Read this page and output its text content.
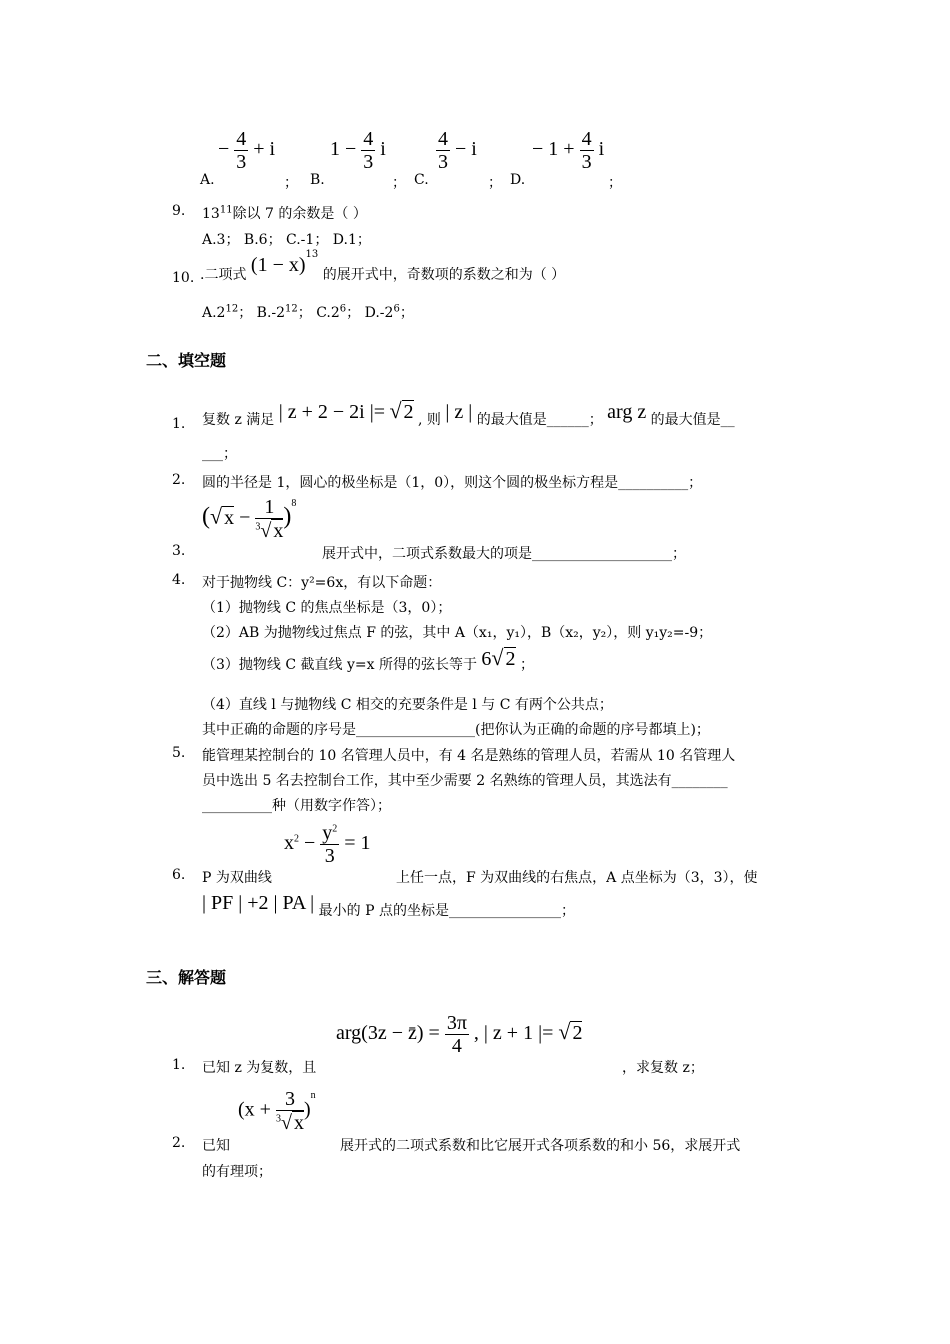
A.
− $\frac{4}{3} + i$
； B.
$1 - \frac{4}{3}$ i
； C.
$\frac{4}{3} - i$
； D.
− $1 + \frac{4}{3}$ i
；
9. $13^{11}$除以 7 的余数是（ ）
A.3； B.6； C.-1； D.1；
10. .二项式 $(1 - x)^{13}$ 的展开式中，奇数项的系数之和为（ ）
$A.2^{12}$； $B.-2^{12}$； $C.2^6$； $D.-2^6$；
二、填空题
1. 复数 z 满足 | z + 2 − 2i |= √ 2 , 则 | z | 的最大值是______； arg z 的最大值是__
___；
2. 圆的半径是 1，圆心的极坐标是（1，0），则这个圆的极坐标方程是__________；
(√ $x - \frac{1}{^3√ x} )^8$
3.	展开式中，二项式系数最大的项是____________________；
4. 对于抛物线 C：y²=6x，有以下命题：
（1）抛物线 C 的焦点坐标是（3，0）；
（2）AB 为抛物线过焦点 F 的弦，其中 A（x₁，y₁），B（x₂，y₂），则 y₁y₂=-9；
（3）抛物线 C 截直线 y=x 所得的弦长等于 6√ 2 ；
（4）直线 l 与抛物线 C 相交的充要条件是 l 与 C 有两个公共点；
其中正确的命题的序号是_________________(把你认为正确的命题的序号都填上)；
5. 能管理某控制台的 10 名管理人员中，有 4 名是熟练的管理人员，若需从 10 名管理人
员中选出 5 名去控制台工作，其中至少需要 2 名熟练的管理人员，其选法有________
__________种（用数字作答）；
$x^2 - \frac{y^2}{3} = 1$
6. P 为双曲线	上任一点，F 为双曲线的右焦点，A 点坐标为（3，3），使
| PF | +2 | PA | 最小的 P 点的坐标是________________；
三、解答题
arg(3z − z̄) = $\frac{3\pi}{4}$ , | z + 1 |= √ 2
1. 已知 z 为复数，且	，求复数 z；
$(x + \frac{3}{^3√ x} )^n$
2. 已知	展开式的二项式系数和比它展开式各项系数的和小 56，求展开式
的有理项；
